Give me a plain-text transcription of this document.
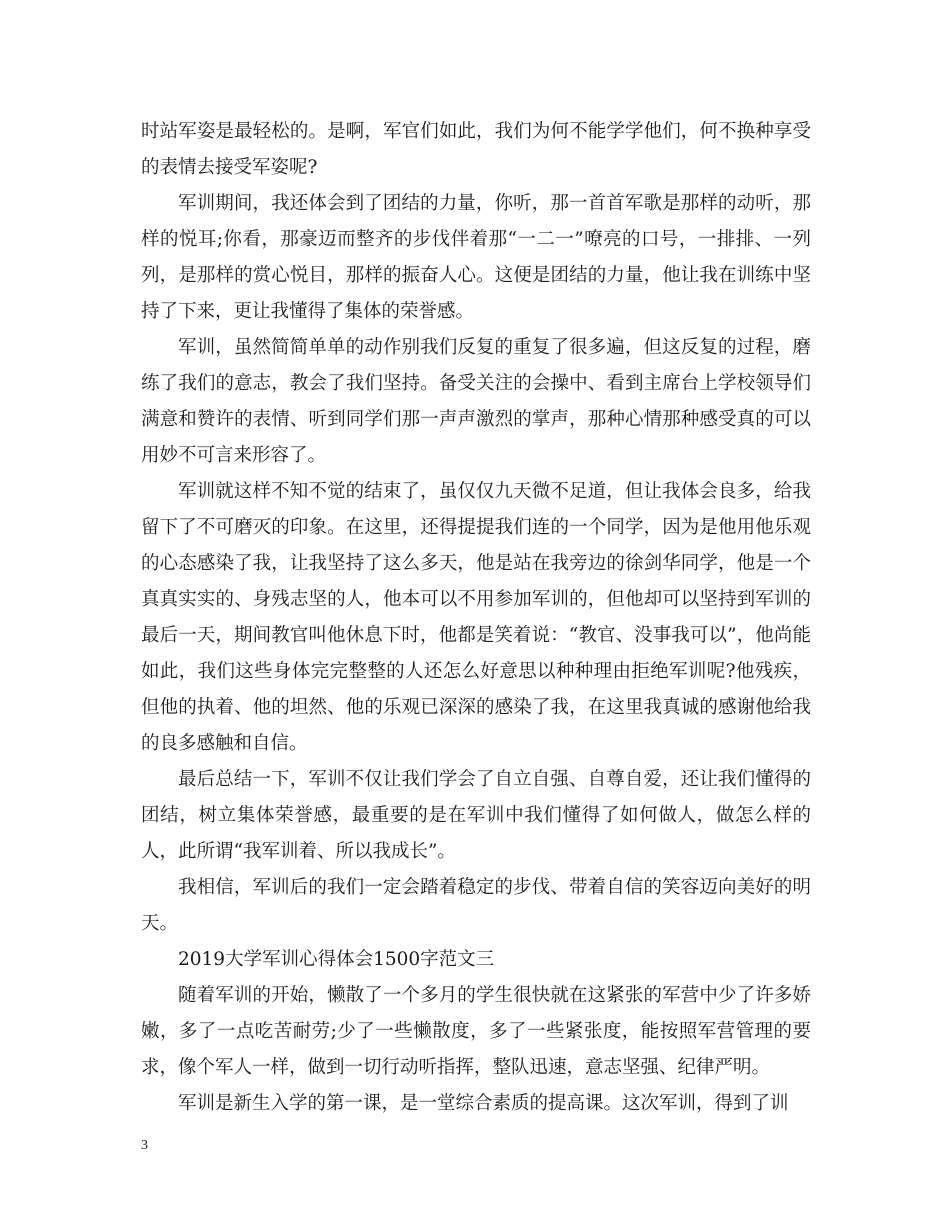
时站军姿是最轻松的。是啊，军官们如此，我们为何不能学学他们，何不换种享受的表情去接受军姿呢?

军训期间，我还体会到了团结的力量，你听，那一首首军歌是那样的动听，那样的悦耳;你看，那豪迈而整齐的步伐伴着那“一二一”嘹亮的口号，一排排、一列列，是那样的赏心悦目，那样的振奋人心。这便是团结的力量，他让我在训练中坚持了下来，更让我懂得了集体的荣誉感。

军训，虽然简简单单的动作别我们反复的重复了很多遍，但这反复的过程，磨练了我们的意志，教会了我们坚持。备受关注的会操中、看到主席台上学校领导们满意和赞许的表情、听到同学们那一声声激烈的掌声，那种心情那种感受真的可以用妙不可言来形容了。

军训就这样不知不觉的结束了，虽仅仅九天微不足道，但让我体会良多，给我留下了不可磨灭的印象。在这里，还得提提我们连的一个同学，因为是他用他乐观的心态感染了我，让我坚持了这么多天，他是站在我旁边的徐剑华同学，他是一个真真实实的、身残志坚的人，他本可以不用参加军训的，但他却可以坚持到军训的最后一天，期间教官叫他休息下时，他都是笑着说：“教官、没事我可以”，他尚能如此，我们这些身体完完整整的人还怎么好意思以种种理由拒绝军训呢?他残疾，但他的执着、他的坦然、他的乐观已深深的感染了我，在这里我真诚的感谢他给我的良多感触和自信。

最后总结一下，军训不仅让我们学会了自立自强、自尊自爱，还让我们懂得的团结，树立集体荣誉感，最重要的是在军训中我们懂得了如何做人，做怎么样的人，此所谓“我军训着、所以我成长”。

我相信，军训后的我们一定会踏着稳定的步伐、带着自信的笑容迈向美好的明天。

2019大学军训心得体会1500字范文三

随着军训的开始，懒散了一个多月的学生很快就在这紧张的军营中少了许多娇嫩，多了一点吃苦耐劳;少了一些懒散度，多了一些紧张度，能按照军营管理的要求，像个军人一样，做到一切行动听指挥，整队迅速，意志坚强、纪律严明。

军训是新生入学的第一课，是一堂综合素质的提高课。这次军训，得到了训

3
